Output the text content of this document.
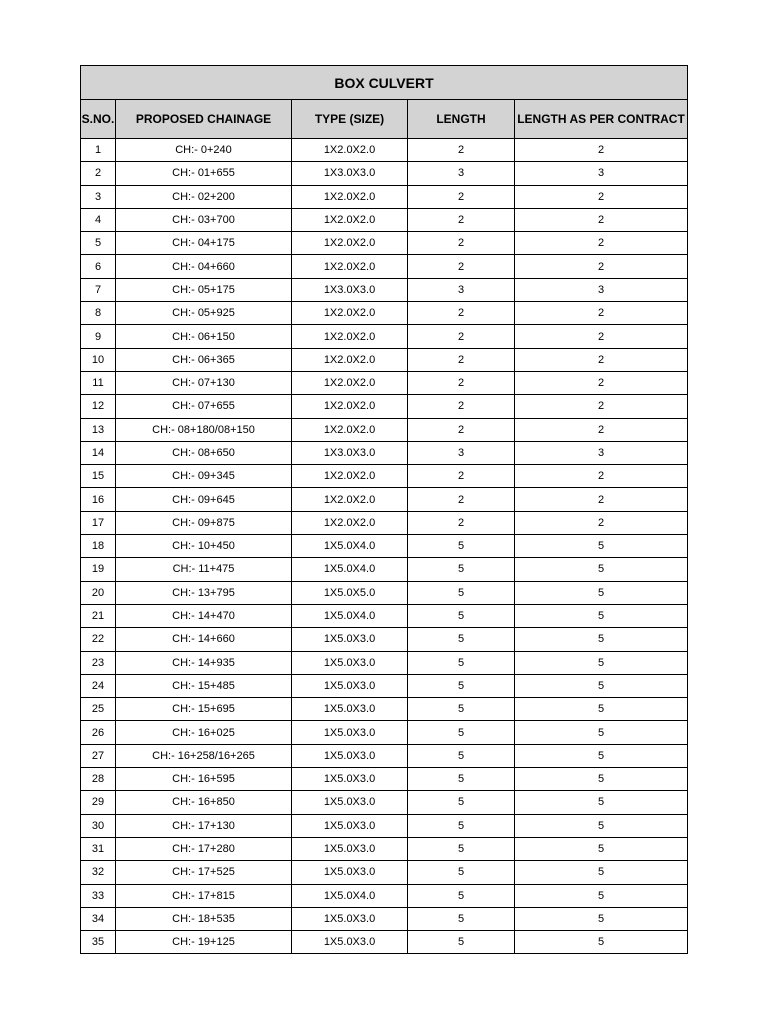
BOX CULVERT				
S.NO.	PROPOSED CHAINAGE	TYPE (SIZE)	LENGTH	LENGTH AS PER CONTRACT
1	CH:- 0+240	1X2.0X2.0	2	2
2	CH:- 01+655	1X3.0X3.0	3	3
3	CH:- 02+200	1X2.0X2.0	2	2
4	CH:- 03+700	1X2.0X2.0	2	2
5	CH:- 04+175	1X2.0X2.0	2	2
6	CH:- 04+660	1X2.0X2.0	2	2
7	CH:- 05+175	1X3.0X3.0	3	3
8	CH:- 05+925	1X2.0X2.0	2	2
9	CH:- 06+150	1X2.0X2.0	2	2
10	CH:- 06+365	1X2.0X2.0	2	2
11	CH:- 07+130	1X2.0X2.0	2	2
12	CH:- 07+655	1X2.0X2.0	2	2
13	CH:- 08+180/08+150	1X2.0X2.0	2	2
14	CH:- 08+650	1X3.0X3.0	3	3
15	CH:- 09+345	1X2.0X2.0	2	2
16	CH:- 09+645	1X2.0X2.0	2	2
17	CH:- 09+875	1X2.0X2.0	2	2
18	CH:- 10+450	1X5.0X4.0	5	5
19	CH:- 11+475	1X5.0X4.0	5	5
20	CH:- 13+795	1X5.0X5.0	5	5
21	CH:- 14+470	1X5.0X4.0	5	5
22	CH:- 14+660	1X5.0X3.0	5	5
23	CH:- 14+935	1X5.0X3.0	5	5
24	CH:- 15+485	1X5.0X3.0	5	5
25	CH:- 15+695	1X5.0X3.0	5	5
26	CH:- 16+025	1X5.0X3.0	5	5
27	CH:- 16+258/16+265	1X5.0X3.0	5	5
28	CH:- 16+595	1X5.0X3.0	5	5
29	CH:- 16+850	1X5.0X3.0	5	5
30	CH:- 17+130	1X5.0X3.0	5	5
31	CH:- 17+280	1X5.0X3.0	5	5
32	CH:- 17+525	1X5.0X3.0	5	5
33	CH:- 17+815	1X5.0X4.0	5	5
34	CH:- 18+535	1X5.0X3.0	5	5
35	CH:- 19+125	1X5.0X3.0	5	5
